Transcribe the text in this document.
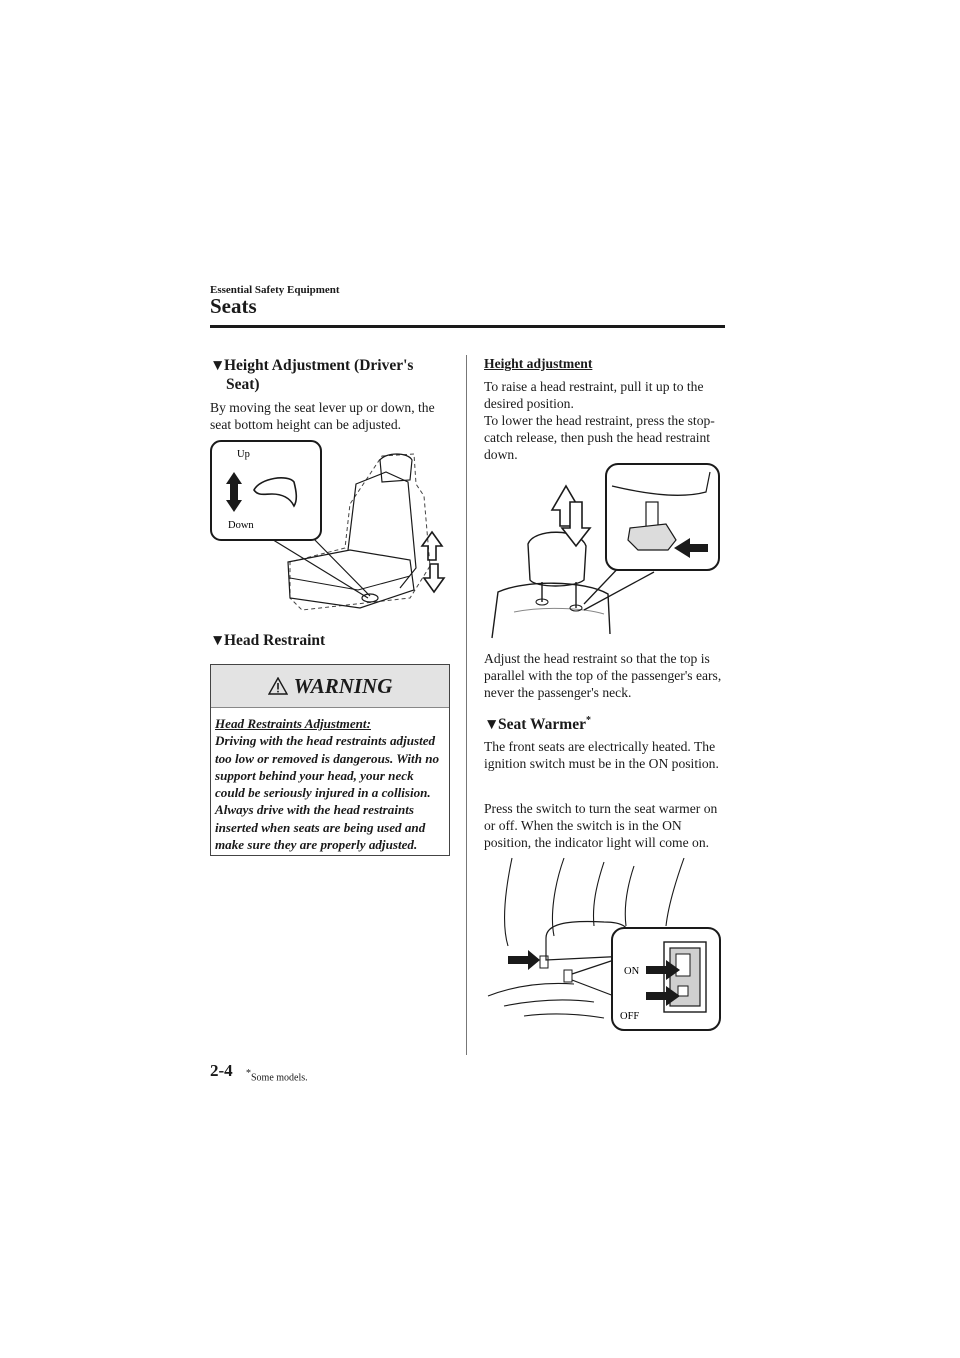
Essential Safety Equipment
Seats
▼Height Adjustment (Driver's
Seat)
By moving the seat lever up or down, the seat bottom height can be adjusted.
Up
Down
▼Head Restraint
WARNING
Head Restraints Adjustment:
Driving with the head restraints adjusted too low or removed is dangerous. With no support behind your head, your neck could be seriously injured in a collision. Always drive with the head restraints inserted when seats are being used and make sure they are properly adjusted.
Height adjustment
To raise a head restraint, pull it up to the desired position.
To lower the head restraint, press the stop-catch release, then push the head restraint down.
Adjust the head restraint so that the top is parallel with the top of the passenger's ears, never the passenger's neck.
▼Seat Warmer*
The front seats are electrically heated. The ignition switch must be in the ON position.
Press the switch to turn the seat warmer on or off. When the switch is in the ON position, the indicator light will come on.
ON
OFF
2-4 *Some models.
